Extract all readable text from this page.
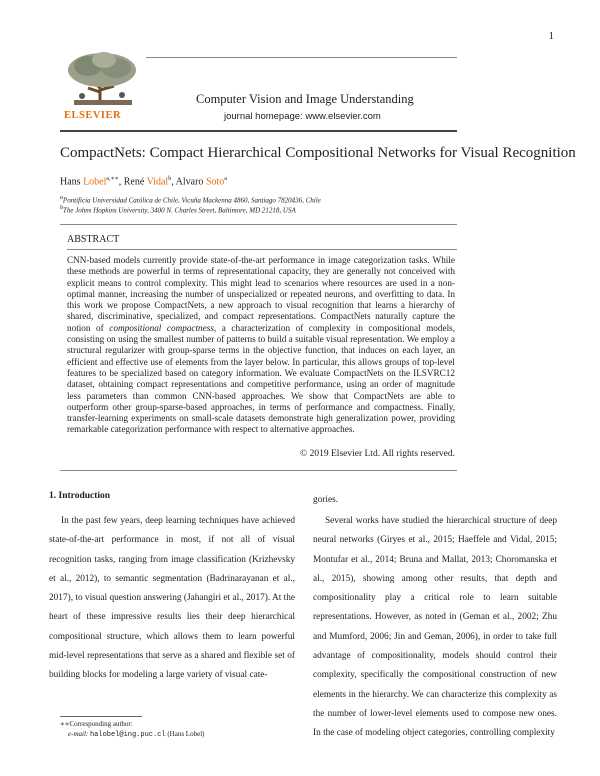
1
ELSEVIER
Computer Vision and Image Understanding
journal homepage: www.elsevier.com
CompactNets: Compact Hierarchical Compositional Networks for Visual Recognition
Hans Lobel$^{a,∗∗}$, René Vidal$^b$, Alvaro Soto$^a$
$^a$Pontificia Universidad Católica de Chile, Vicuña Mackenna 4860, Santiago 7820436, Chile
$^b$The Johns Hopkins University, 3400 N. Charles Street, Baltimore, MD 21218, USA
ABSTRACT
CNN-based models currently provide state-of-the-art performance in image categorization tasks. While these methods are powerful in terms of representational capacity, they are generally not conceived with explicit means to control complexity. This might lead to scenarios where resources are used in a non-optimal manner, increasing the number of unspecialized or repeated neurons, and overfitting to data. In this work we propose CompactNets, a new approach to visual recognition that learns a hierarchy of shared, discriminative, specialized, and compact representations. CompactNets naturally capture the notion of compositional compactness, a characterization of complexity in compositional models, consisting on using the smallest number of patterns to build a suitable visual representation. We employ a structural regularizer with group-sparse terms in the objective function, that induces on each layer, an efficient and effective use of elements from the layer below. In particular, this allows groups of top-level features to be specialized based on category information. We evaluate CompactNets on the ILSVRC12 dataset, obtaining compact representations and competitive performance, using an order of magnitude less parameters than common CNN-based approaches. We show that CompactNets are able to outperform other group-sparse-based approaches, in terms of performance and compactness. Finally, transfer-learning experiments on small-scale datasets demonstrate high generalization power, providing remarkable categorization performance with respect to alternative approaches.
© 2019 Elsevier Ltd. All rights reserved.
1. Introduction
In the past few years, deep learning techniques have achieved state-of-the-art performance in most, if not all of visual recognition tasks, ranging from image classification (Krizhevsky et al., 2012), to semantic segmentation (Badrinarayanan et al., 2017), to visual question answering (Jahangiri et al., 2017). At the heart of these impressive results lies their deep hierarchical compositional structure, which allows them to learn powerful mid-level representations that serve as a shared and flexible set of building blocks for modeling a large variety of visual cate-
gories.
Several works have studied the hierarchical structure of deep neural networks (Giryes et al., 2015; Haeffele and Vidal, 2015; Montufar et al., 2014; Bruna and Mallat, 2013; Choromanska et al., 2015), showing among other results, that depth and compositionality play a critical role to learn suitable representations. However, as noted in (Geman et al., 2002; Zhu and Mumford, 2006; Jin and Geman, 2006), in order to take full advantage of compositionality, models should control their complexity, specifically the compositional construction of new elements in the hierarchy. We can characterize this complexity as the number of lower-level elements used to compose new ones. In the case of modeling object categories, controlling complexity
∗∗Corresponding author:
e-mail: halobel@ing.puc.cl (Hans Lobel)
